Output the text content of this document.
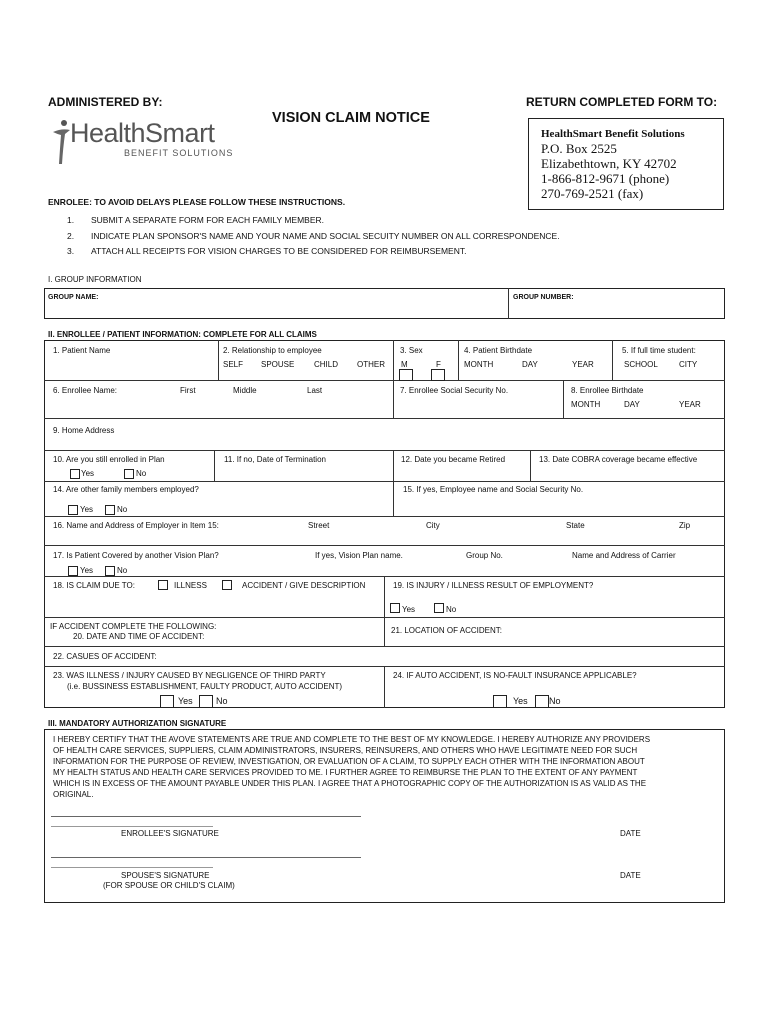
ADMINISTERED BY:
VISION CLAIM NOTICE
RETURN COMPLETED FORM TO:
HealthSmart
BENEFIT SOLUTIONS
HealthSmart Benefit Solutions
P.O. Box 2525
Elizabethtown, KY 42702
1-866-812-9671 (phone)
270-769-2521 (fax)
ENROLEE: TO AVOID DELAYS PLEASE FOLLOW THESE INSTRUCTIONS.
1. SUBMIT A SEPARATE FORM FOR EACH FAMILY MEMBER.
2. INDICATE PLAN SPONSOR'S NAME AND YOUR NAME AND SOCIAL SECUITY NUMBER ON ALL CORRESPONDENCE.
3. ATTACH ALL RECEIPTS FOR VISION CHARGES TO BE CONSIDERED FOR REIMBURSEMENT.
I. GROUP INFORMATION
GROUP NAME:	GROUP NUMBER:
II. ENROLLEE / PATIENT INFORMATION: COMPLETE FOR ALL CLAIMS
1. Patient Name	2. Relationship to employee
SELF SPOUSE CHILD OTHER
3. Sex
M	F
4. Patient Birthdate
MONTH	DAY	YEAR
5. If full time student:
SCHOOL	CITY
6. Enrollee Name:	First	Middle	Last	7. Enrollee Social Security No.	8. Enrollee Birthdate
MONTH	DAY	YEAR
9. Home Address
10. Are you still enrolled in Plan
Yes	No
11. If no, Date of Termination	12. Date you became Retired	13. Date COBRA coverage became effective
14. Are other family members employed?
Yes	No
15. If yes, Employee name and Social Security No.
16. Name and Address of Employer in Item 15:	Street	City	State	Zip
17. Is Patient Covered by another Vision Plan?	If yes, Vision Plan name.	Group No.	Name and Address of Carrier
Yes	No
18. IS CLAIM DUE TO:	ILLNESS	ACCIDENT / GIVE DESCRIPTION	19. IS INJURY / ILLNESS RESULT OF EMPLOYMENT?
Yes	No
IF ACCIDENT COMPLETE THE FOLLOWING:
20. DATE AND TIME OF ACCIDENT:
21. LOCATION OF ACCIDENT:
22. CASUES OF ACCIDENT:
23. WAS ILLNESS / INJURY CAUSED BY NEGLIGENCE OF THIRD PARTY
(i.e. BUSSINESS ESTABLISHMENT, FAULTY PRODUCT, AUTO ACCIDENT)
Yes	No
24. IF AUTO ACCIDENT, IS NO-FAULT INSURANCE APPLICABLE?
Yes No
III. MANDATORY AUTHORIZATION SIGNATURE
I HEREBY CERTIFY THAT THE AVOVE STATEMENTS ARE TRUE AND COMPLETE TO THE BEST OF MY KNOWLEDGE. I HEREBY AUTHORIZE ANY PROVIDERS
OF HEALTH CARE SERVICES, SUPPLIERS, CLAIM ADMINISTRATORS, INSURERS, REINSURERS, AND OTHERS WHO HAVE LEGITIMATE NEED FOR SUCH
INFORMATION FOR THE PURPOSE OF REVIEW, INVESTIGATION, OR EVALUATION OF A CLAIM, TO SUPPLY EACH OTHER WITH THE INFORMATION ABOUT
MY HEALTH STATUS AND HEALTH CARE SERVICES PROVIDED TO ME. I FURTHER AGREE TO REIMBURSE THE PLAN TO THE EXTENT OF ANY PAYMENT
WHICH IS IN EXCESS OF THE AMOUNT PAYABLE UNDER THIS PLAN. I AGREE THAT A PHOTOGRAPHIC COPY OF THE AUTHORIZATION IS AS VALID AS THE
ORIGINAL.
ENROLLEE'S SIGNATURE	DATE
SPOUSE'S SIGNATURE
(FOR SPOUSE OR CHILD'S CLAIM)
DATE
